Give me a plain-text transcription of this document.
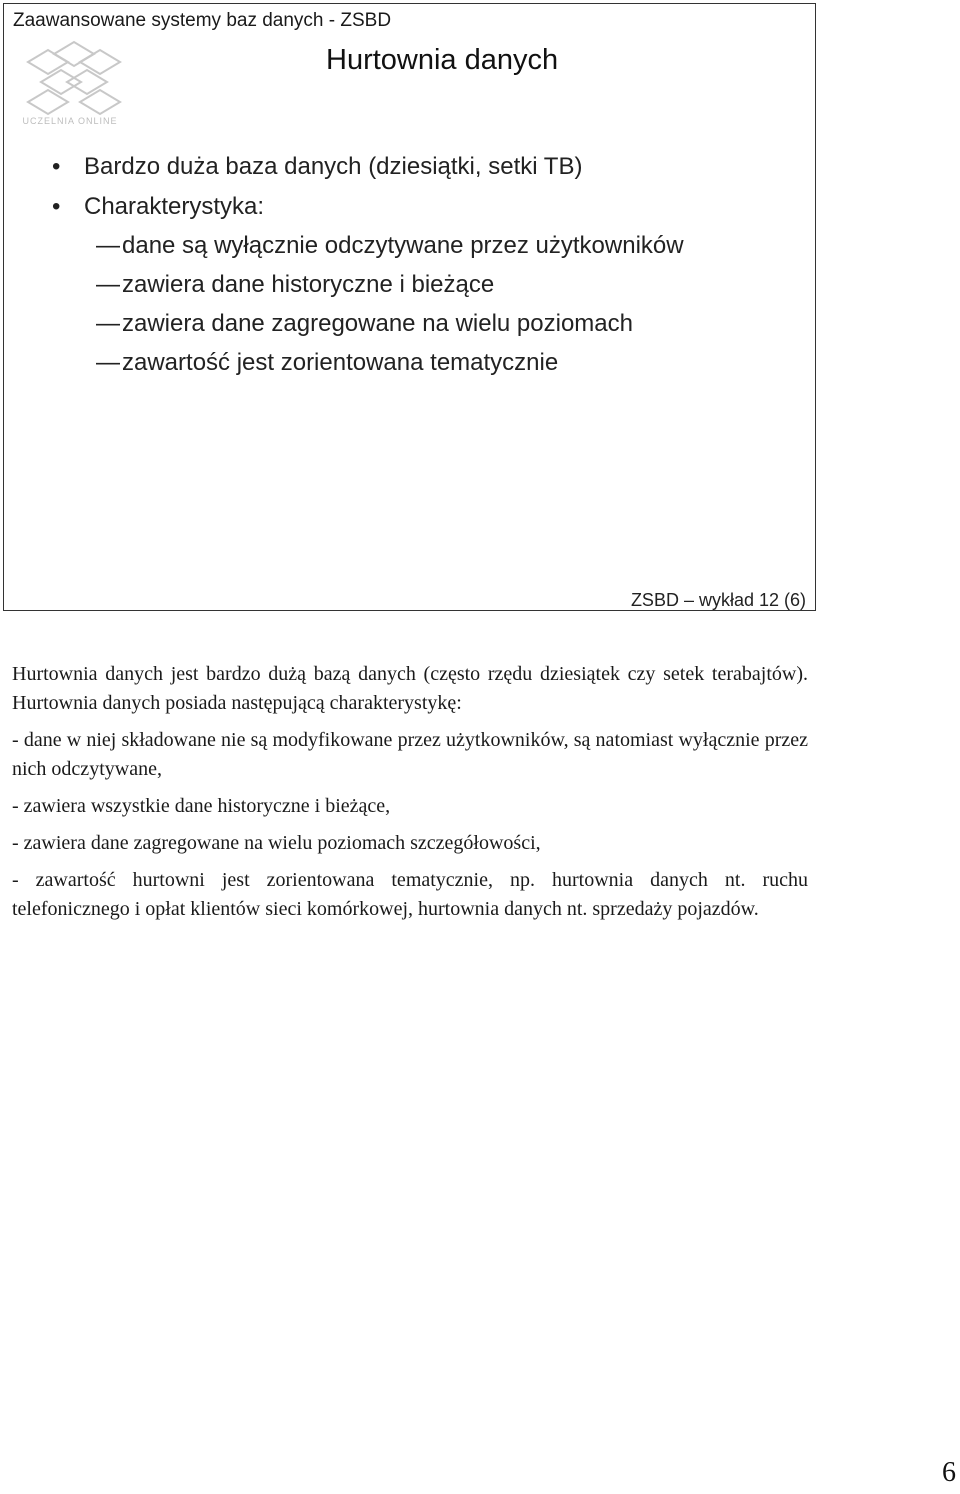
Zaawansowane systemy baz danych - ZSBD
UCZELNIA ONLINE
Hurtownia danych
• Bardzo duża baza danych (dziesiątki, setki TB)
• Charakterystyka:
—dane są wyłącznie odczytywane przez użytkowników
—zawiera dane historyczne i bieżące
—zawiera dane zagregowane na wielu poziomach
—zawartość jest zorientowana tematycznie
ZSBD – wykład 12 (6)

Hurtownia danych jest bardzo dużą bazą danych (często rzędu dziesiątek czy setek terabajtów). Hurtownia danych posiada następującą charakterystykę:

- dane w niej składowane nie są modyfikowane przez użytkowników, są natomiast wyłącznie przez nich odczytywane,

- zawiera wszystkie dane historyczne i bieżące,

- zawiera dane zagregowane na wielu poziomach szczegółowości,

- zawartość hurtowni jest zorientowana tematycznie, np. hurtownia danych nt. ruchu telefonicznego i opłat klientów sieci komórkowej, hurtownia danych nt. sprzedaży pojazdów.

6
